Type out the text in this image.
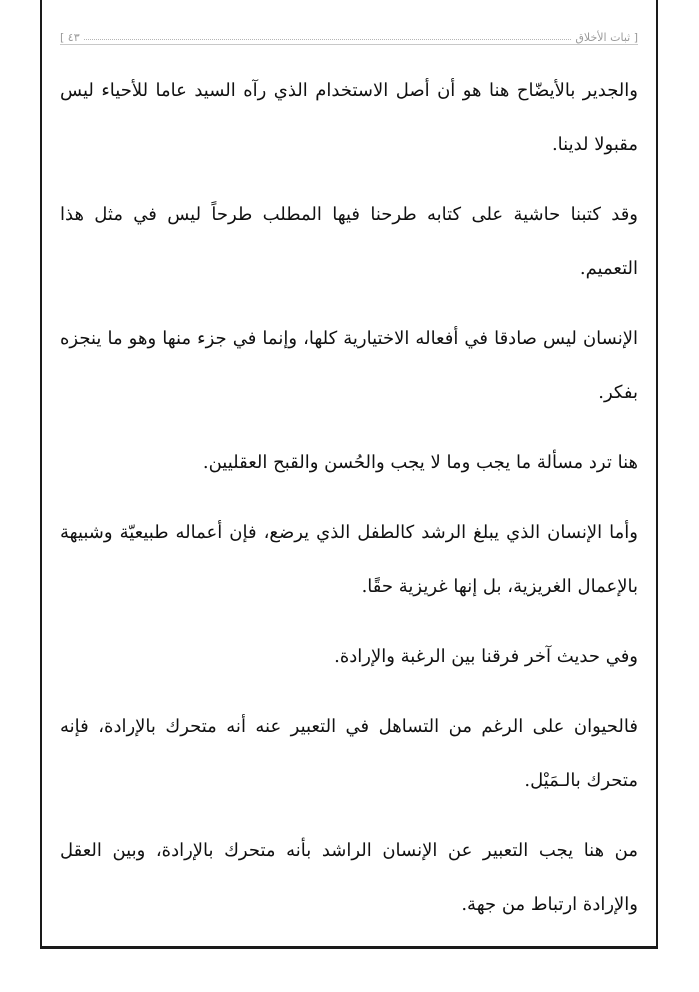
[ ثبات الأخلاق
٤٣ ]

والجدير بالأيضّاح هنا هو أن أصل الاستخدام الذي رآه السيد عاما للأحياء ليس مقبولا لدينا.

وقد كتبنا حاشية على كتابه طرحنا فيها المطلب طرحاً ليس في مثل هذا التعميم.

الإنسان ليس صادقا في أفعاله الاختيارية كلها، وإنما في جزء منها وهو ما ينجزه بفكر.

هنا ترد مسألة ما يجب وما لا يجب والحُسن والقبح العقليين.

وأما الإنسان الذي يبلغ الرشد كالطفل الذي يرضع، فإن أعماله طبيعيّة وشبيهة بالإعمال الغريزية، بل إنها غريزية حقًا.

وفي حديث آخر فرقنا بين الرغبة والإرادة.

فالحيوان على الرغم من التساهل في التعبير عنه أنه متحرك بالإرادة، فإنه متحرك بالـمَيْل.

من هنا يجب التعبير عن الإنسان الراشد بأنه متحرك بالإرادة، وبين العقل والإرادة ارتباط من جهة.
